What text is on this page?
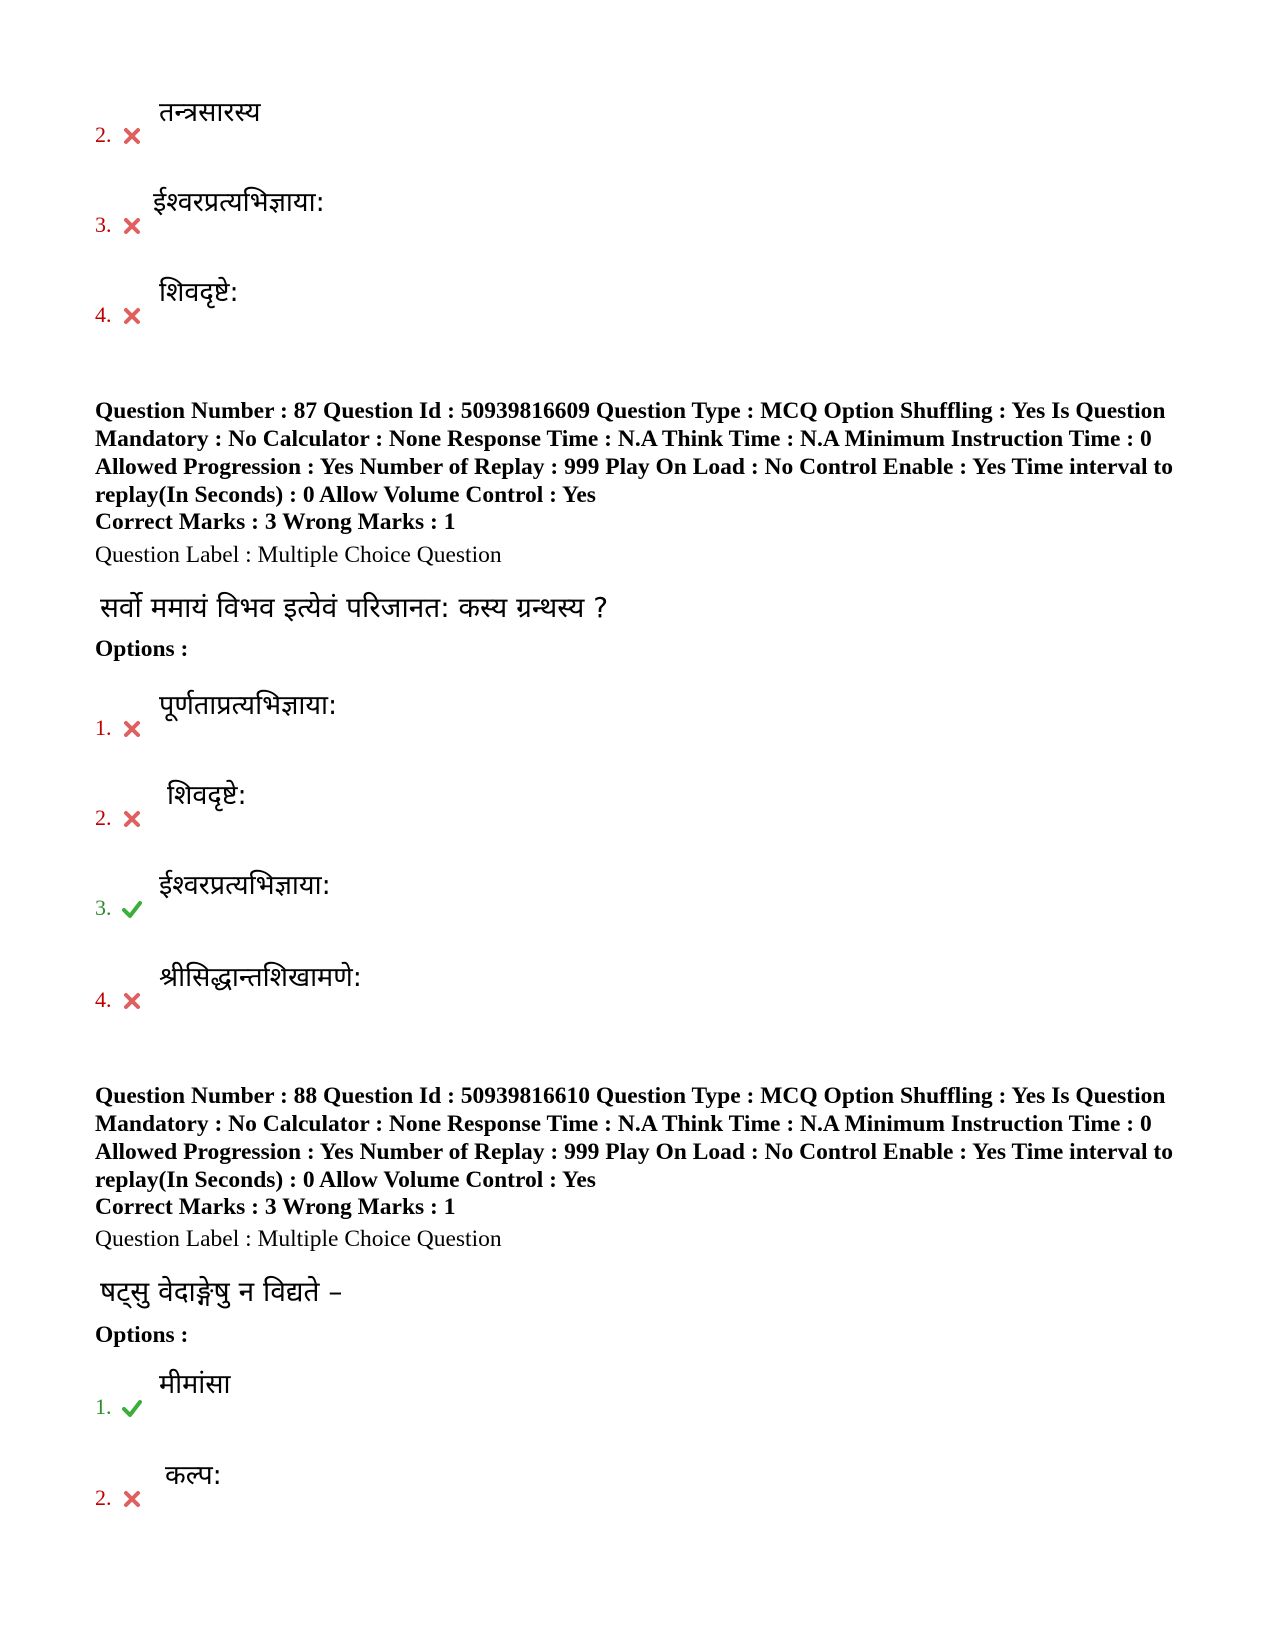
2.
तन्त्रसारस्य
3.
ईश्वरप्रत्यभिज्ञाया:
4.
शिवदृष्टे:
Question Number : 87 Question Id : 50939816609 Question Type : MCQ Option Shuffling : Yes Is Question Mandatory : No Calculator : None Response Time : N.A Think Time : N.A Minimum Instruction Time : 0 Allowed Progression : Yes Number of Replay : 999 Play On Load : No Control Enable : Yes Time interval to replay(In Seconds) : 0 Allow Volume Control : Yes
Correct Marks : 3 Wrong Marks : 1
Question Label : Multiple Choice Question
सर्वो ममायं विभव इत्येवं परिजानत: कस्य ग्रन्थस्य ?
Options :
1.
पूर्णताप्रत्यभिज्ञाया:
2.
शिवदृष्टे:
3.
ईश्वरप्रत्यभिज्ञाया:
4.
श्रीसिद्धान्तशिखामणे:
Question Number : 88 Question Id : 50939816610 Question Type : MCQ Option Shuffling : Yes Is Question Mandatory : No Calculator : None Response Time : N.A Think Time : N.A Minimum Instruction Time : 0 Allowed Progression : Yes Number of Replay : 999 Play On Load : No Control Enable : Yes Time interval to replay(In Seconds) : 0 Allow Volume Control : Yes
Correct Marks : 3 Wrong Marks : 1
Question Label : Multiple Choice Question
षट्सु वेदाङ्गेषु न विद्यते –
Options :
1.
मीमांसा
2.
कल्प:
